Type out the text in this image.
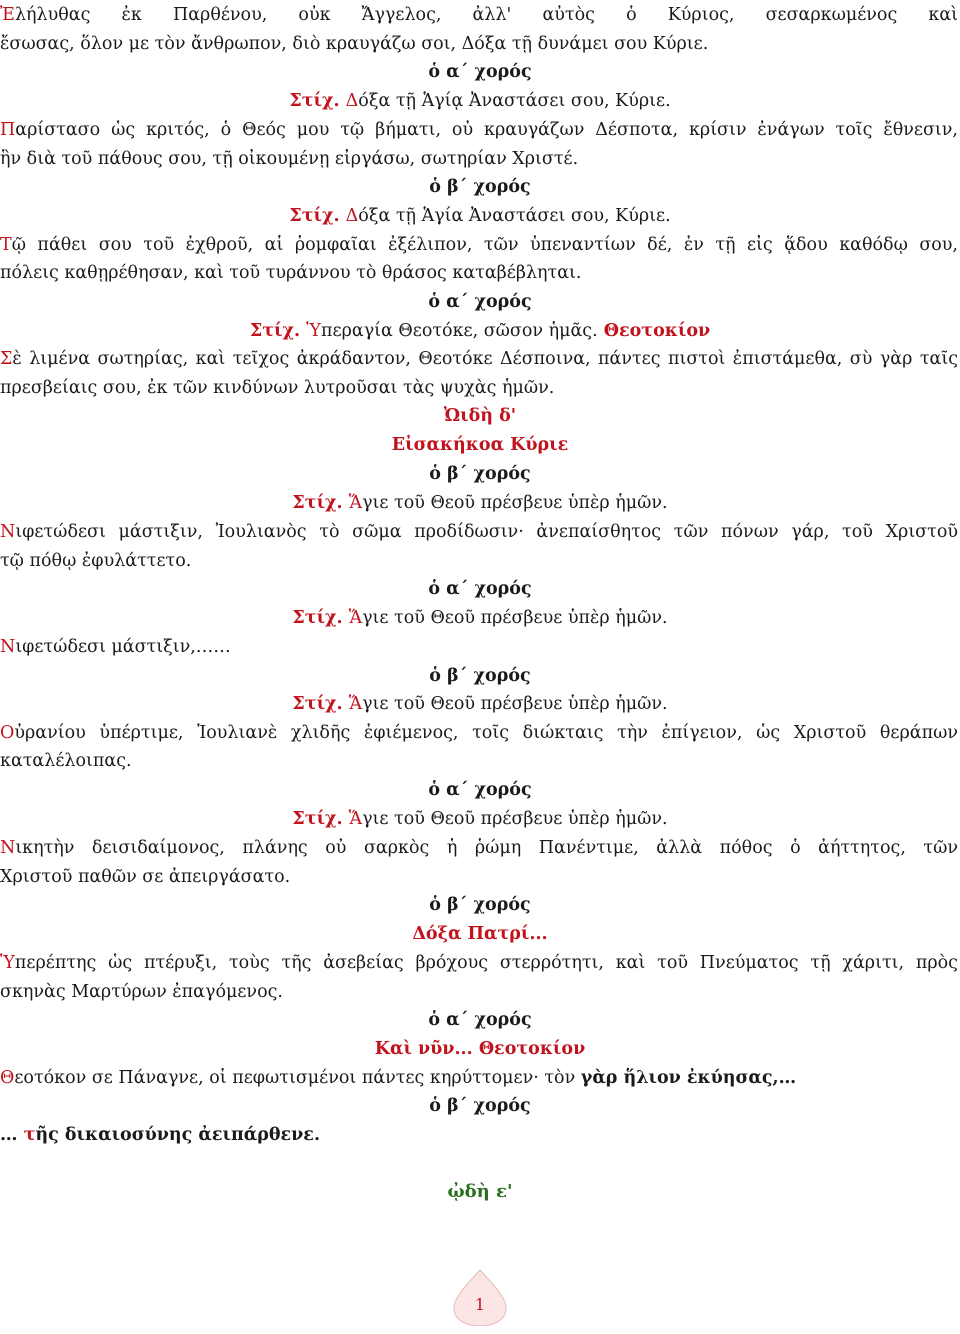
Ἐλήλυθας ἐκ Παρθένου, οὐκ Ἄγγελος, ἀλλ' αὐτὸς ὁ Κύριος, σεσαρκωμένος καὶ
ἔσωσας, ὅλον με τὸν ἄνθρωπον, διὸ κραυγάζω σοι, Δόξα τῇ δυνάμει σου Κύριε.
ὁ α΄ χορός
Στίχ. Δόξα τῇ Ἁγίᾳ Ἀναστάσει σου, Κύριε.
Παρίστασο ὡς κριτός, ὁ Θεός μου τῷ βήματι, οὐ κραυγάζων Δέσποτα, κρίσιν ἐνάγων τοῖς ἔθνεσιν,
ἣν διὰ τοῦ πάθους σου, τῇ οἰκουμένῃ εἰργάσω, σωτηρίαν Χριστέ.
ὁ β΄ χορός
Στίχ. Δόξα τῇ Ἁγία Ἀναστάσει σου, Κύριε.
Τῷ πάθει σου τοῦ ἐχθροῦ, αἱ ῥομφαῖαι ἐξέλιπον, τῶν ὑπεναντίων δέ, ἐν τῇ εἰς ᾅδου καθόδῳ σου,
πόλεις καθῃρέθησαν, καὶ τοῦ τυράννου τὸ θράσος καταβέβληται.
ὁ α΄ χορός
Στίχ. Ὑπεραγία Θεοτόκε, σῶσον ἡμᾶς. Θεοτοκίον
Σὲ λιμένα σωτηρίας, καὶ τεῖχος ἀκράδαντον, Θεοτόκε Δέσποινα, πάντες πιστοὶ ἐπιστάμεθα, σὺ γὰρ ταῖς
πρεσβείαις σου, ἐκ τῶν κινδύνων λυτροῦσαι τὰς ψυχὰς ἡμῶν.
Ὠιδὴ δ'
Εἰσακήκοα Κύριε
ὁ β΄ χορός
Στίχ. Ἅγιε τοῦ Θεοῦ πρέσβευε ὑπὲρ ἡμῶν.
Νιφετώδεσι μάστιξιν, Ἰουλιανὸς τὸ σῶμα προδίδωσιν· ἀνεπαίσθητος τῶν πόνων γάρ, τοῦ Χριστοῦ
τῷ πόθῳ ἐφυλάττετο.
ὁ α΄ χορός
Στίχ. Ἅγιε τοῦ Θεοῦ πρέσβευε ὑπὲρ ἡμῶν.
Νιφετώδεσι μάστιξιν,……
ὁ β΄ χορός
Στίχ. Ἅγιε τοῦ Θεοῦ πρέσβευε ὑπὲρ ἡμῶν.
Οὐρανίου ὑπέρτιμε, Ἰουλιανὲ χλιδῆς ἐφιέμενος, τοῖς διώκταις τὴν ἐπίγειον, ὡς Χριστοῦ θεράπων
καταλέλοιπας.
ὁ α΄ χορός
Στίχ. Ἅγιε τοῦ Θεοῦ πρέσβευε ὑπὲρ ἡμῶν.
Νικητὴν δεισιδαίμονος, πλάνης οὐ σαρκὸς ἡ ῥώμη Πανέντιμε, ἀλλὰ πόθος ὁ ἀήττητος, τῶν
Χριστοῦ παθῶν σε ἀπειργάσατο.
ὁ β΄ χορός
Δόξα Πατρί...
Ὑπερέπτης ὡς πτέρυξι, τοὺς τῆς ἀσεβείας βρόχους στερρότητι, καὶ τοῦ Πνεύματος τῇ χάριτι, πρὸς
σκηνὰς Μαρτύρων ἐπαγόμενος.
ὁ α΄ χορός
Καὶ νῦν... Θεοτοκίον
Θεοτόκον σε Πάναγνε, οἱ πεφωτισμένοι πάντες κηρύττομεν· τὸν γὰρ ἥλιον ἐκύησας,…
ὁ β΄ χορός
… τῆς δικαιοσύνης ἀειπάρθενε.
ᾠδὴ ε'
1
